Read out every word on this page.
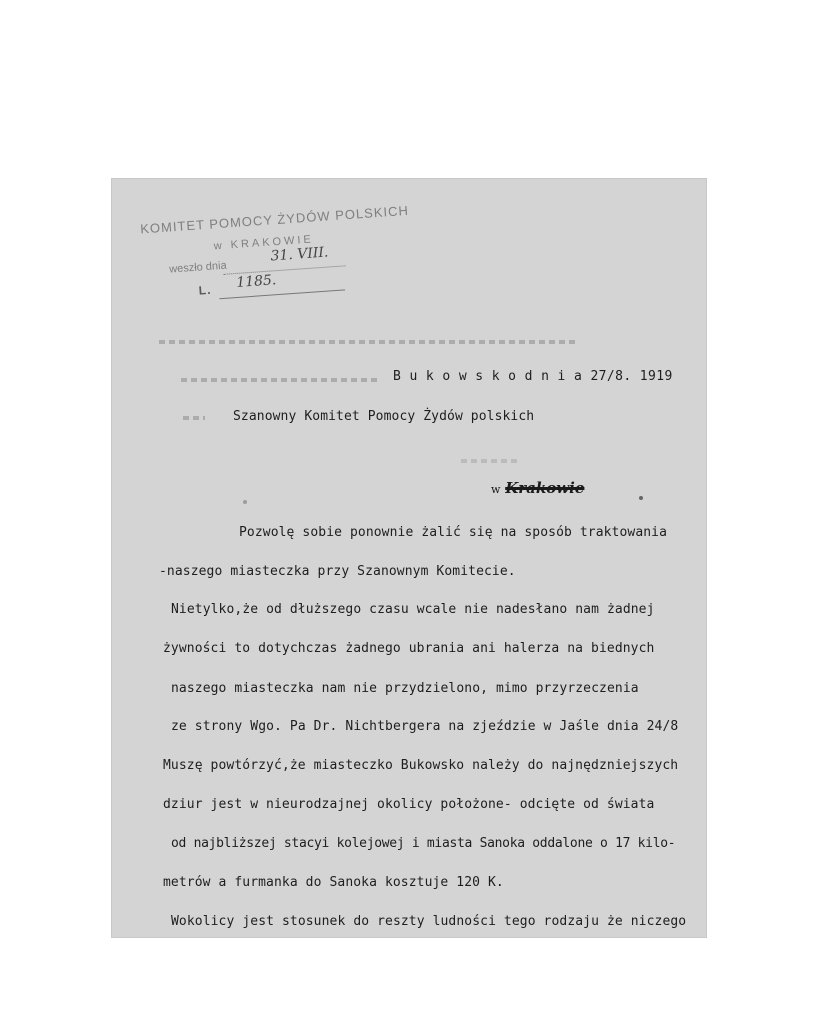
KOMITET POMOCY ŻYDÓW POLSKICH
w KRAKOWIE
weszło dnia
31. VIII.
L. 1185.
B u k o w s k o d n i a 27/8. 1919
Szanowny Komitet Pomocy Żydów polskich
w Krakowie
Pozwolę sobie ponownie żalić się na sposób traktowania
-naszego miasteczka przy Szanownym Komitecie.
Nietylko,że od dłuższego czasu wcale nie nadesłano nam żadnej
żywności to dotychczas żadnego ubrania ani halerza na biednych
naszego miasteczka nam nie przydzielono, mimo przyrzeczenia
ze strony Wgo. Pa Dr. Nichtbergera na zjeździe w Jaśle dnia 24/8
Muszę powtórzyć,że miasteczko Bukowsko należy do najnędzniejszych
dziur jest w nieurodzajnej okolicy położone- odcięte od świata
od najbliższej stacyi kolejowej i miasta Sanoka oddalone o 17 kilo-
metrów a furmanka do Sanoka kosztuje 120 K.
Wokolicy jest stosunek do reszty ludności tego rodzaju że niczego
